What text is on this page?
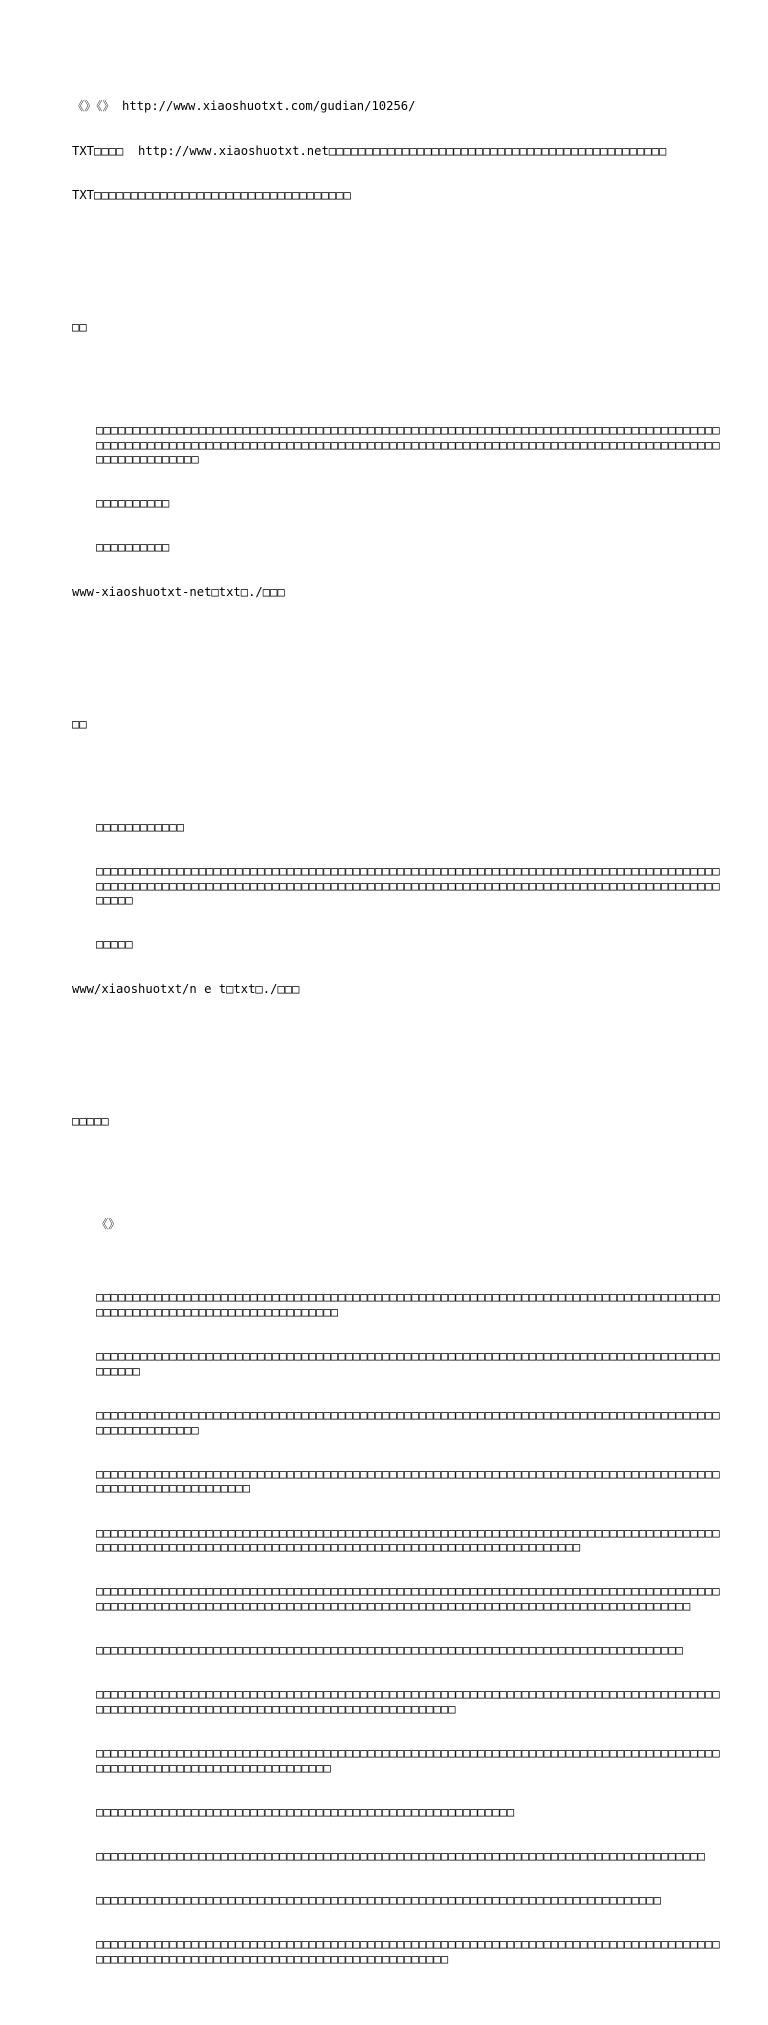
《》《》 http://www.xiaoshuotxt.com/gudian/10256/

TXT□□□□  http://www.xiaoshuotxt.net□□□□□□□□□□□□□□□□□□□□□□□□□□□□□□□□□□□□□□□□□□□□□□

TXT□□□□□□□□□□□□□□□□□□□□□□□□□□□□□□□□□□□

□□

□□□□□□□□□□□□□□□□□□□□□□□□□□□□□□□□□□□□□□□□□□□□□□□□□□□□□□□□□□□□□□□□□□□□□□□□□□□□□□□□□□□□□□□□□□□□□□□□□□□□□□□□□□□□□□□□□□□□□□□□□□□□□□□□□□□□□□□□□□□□□□□□□□□□□□□□□□□□□□□□□□□□□□□□□□□□□□□□□□□□□□□□

□□□□□□□□□□

□□□□□□□□□□

www-xiaoshuotxt-net□txt□./□□□

□□

□□□□□□□□□□□□

□□□□□□□□□□□□□□□□□□□□□□□□□□□□□□□□□□□□□□□□□□□□□□□□□□□□□□□□□□□□□□□□□□□□□□□□□□□□□□□□□□□□□□□□□□□□□□□□□□□□□□□□□□□□□□□□□□□□□□□□□□□□□□□□□□□□□□□□□□□□□□□□□□□□□□□□□□□□□□□□□□□□□□□□□□□□□□□

□□□□□

www/xiaoshuotxt/n e t□txt□./□□□

□□□□□

《》

□□□□□□□□□□□□□□□□□□□□□□□□□□□□□□□□□□□□□□□□□□□□□□□□□□□□□□□□□□□□□□□□□□□□□□□□□□□□□□□□□□□□□□□□□□□□□□□□□□□□□□□□□□□□□□□□□□□□□□

□□□□□□□□□□□□□□□□□□□□□□□□□□□□□□□□□□□□□□□□□□□□□□□□□□□□□□□□□□□□□□□□□□□□□□□□□□□□□□□□□□□□□□□□□□□

□□□□□□□□□□□□□□□□□□□□□□□□□□□□□□□□□□□□□□□□□□□□□□□□□□□□□□□□□□□□□□□□□□□□□□□□□□□□□□□□□□□□□□□□□□□□□□□□□□□

□□□□□□□□□□□□□□□□□□□□□□□□□□□□□□□□□□□□□□□□□□□□□□□□□□□□□□□□□□□□□□□□□□□□□□□□□□□□□□□□□□□□□□□□□□□□□□□□□□□□□□□□□□

□□□□□□□□□□□□□□□□□□□□□□□□□□□□□□□□□□□□□□□□□□□□□□□□□□□□□□□□□□□□□□□□□□□□□□□□□□□□□□□□□□□□□□□□□□□□□□□□□□□□□□□□□□□□□□□□□□□□□□□□□□□□□□□□□□□□□□□□□□□□□□□□□□□□□□□

□□□□□□□□□□□□□□□□□□□□□□□□□□□□□□□□□□□□□□□□□□□□□□□□□□□□□□□□□□□□□□□□□□□□□□□□□□□□□□□□□□□□□□□□□□□□□□□□□□□□□□□□□□□□□□□□□□□□□□□□□□□□□□□□□□□□□□□□□□□□□□□□□□□□□□□□□□□□□□□□□□□□□□

□□□□□□□□□□□□□□□□□□□□□□□□□□□□□□□□□□□□□□□□□□□□□□□□□□□□□□□□□□□□□□□□□□□□□□□□□□□□□□□□

□□□□□□□□□□□□□□□□□□□□□□□□□□□□□□□□□□□□□□□□□□□□□□□□□□□□□□□□□□□□□□□□□□□□□□□□□□□□□□□□□□□□□□□□□□□□□□□□□□□□□□□□□□□□□□□□□□□□□□□□□□□□□□□□□□□□□□

□□□□□□□□□□□□□□□□□□□□□□□□□□□□□□□□□□□□□□□□□□□□□□□□□□□□□□□□□□□□□□□□□□□□□□□□□□□□□□□□□□□□□□□□□□□□□□□□□□□□□□□□□□□□□□□□□□□□□

□□□□□□□□□□□□□□□□□□□□□□□□□□□□□□□□□□□□□□□□□□□□□□□□□□□□□□□□□

□□□□□□□□□□□□□□□□□□□□□□□□□□□□□□□□□□□□□□□□□□□□□□□□□□□□□□□□□□□□□□□□□□□□□□□□□□□□□□□□□□□

□□□□□□□□□□□□□□□□□□□□□□□□□□□□□□□□□□□□□□□□□□□□□□□□□□□□□□□□□□□□□□□□□□□□□□□□□□□□□

□□□□□□□□□□□□□□□□□□□□□□□□□□□□□□□□□□□□□□□□□□□□□□□□□□□□□□□□□□□□□□□□□□□□□□□□□□□□□□□□□□□□□□□□□□□□□□□□□□□□□□□□□□□□□□□□□□□□□□□□□□□□□□□□□□□□□
